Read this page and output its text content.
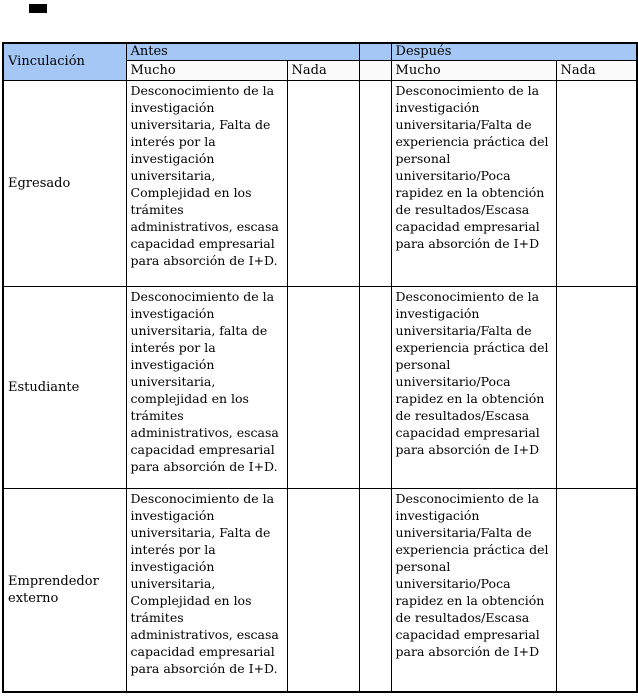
Vinculación	Antes			Después	
	Mucho	Nada		Mucho	Nada
Egresado	Desconocimiento de la investigación universitaria, Falta de interés por la investigación universitaria, Complejidad en los trámites administrativos, escasa capacidad empresarial para absorción de I+D.			Desconocimiento de la investigación universitaria/Falta de experiencia práctica del personal universitario/Poca rapidez en la obtención de resultados/Escasa capacidad empresarial para absorción de I+D	
Estudiante	Desconocimiento de la investigación universitaria, falta de interés por la investigación universitaria, complejidad en los trámites administrativos, escasa capacidad empresarial para absorción de I+D.			Desconocimiento de la investigación universitaria/Falta de experiencia práctica del personal universitario/Poca rapidez en la obtención de resultados/Escasa capacidad empresarial para absorción de I+D	
Emprendedor externo	Desconocimiento de la investigación universitaria, Falta de interés por la investigación universitaria, Complejidad en los trámites administrativos, escasa capacidad empresarial para absorción de I+D.			Desconocimiento de la investigación universitaria/Falta de experiencia práctica del personal universitario/Poca rapidez en la obtención de resultados/Escasa capacidad empresarial para absorción de I+D	
